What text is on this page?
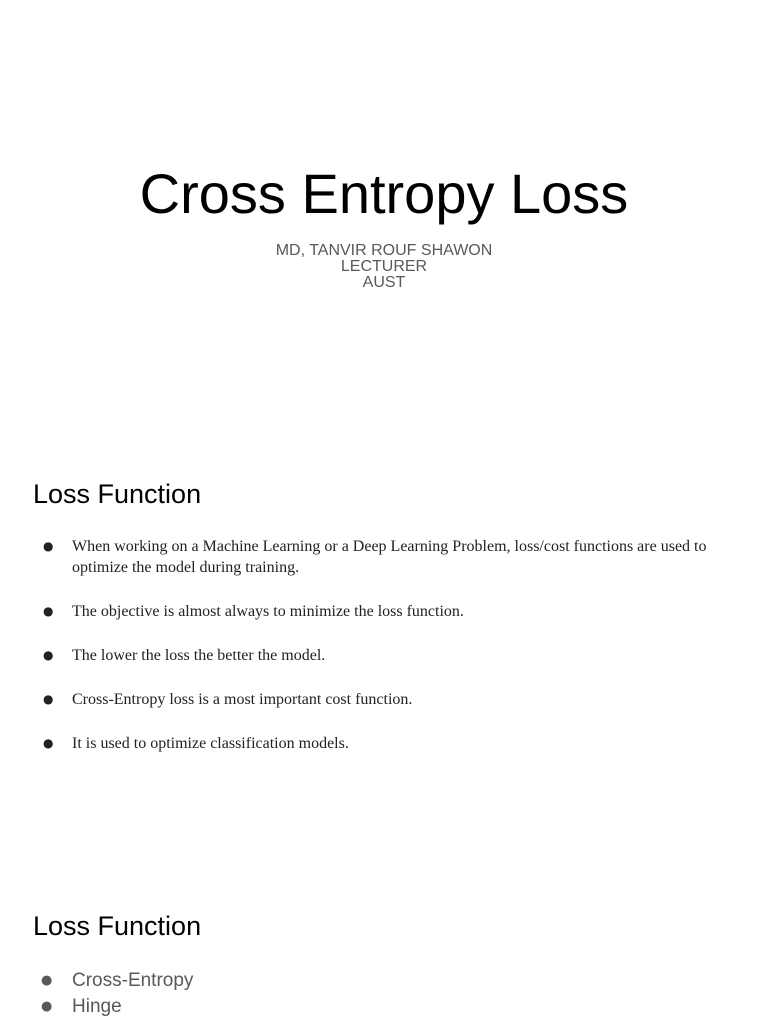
Cross Entropy Loss
MD, TANVIR ROUF SHAWON
LECTURER
AUST
Loss Function
● When working on a Machine Learning or a Deep Learning Problem, loss/cost functions are used to optimize the model during training.
● The objective is almost always to minimize the loss function.
● The lower the loss the better the model.
● Cross-Entropy loss is a most important cost function.
● It is used to optimize classification models.
Loss Function
● Cross-Entropy
● Hinge
